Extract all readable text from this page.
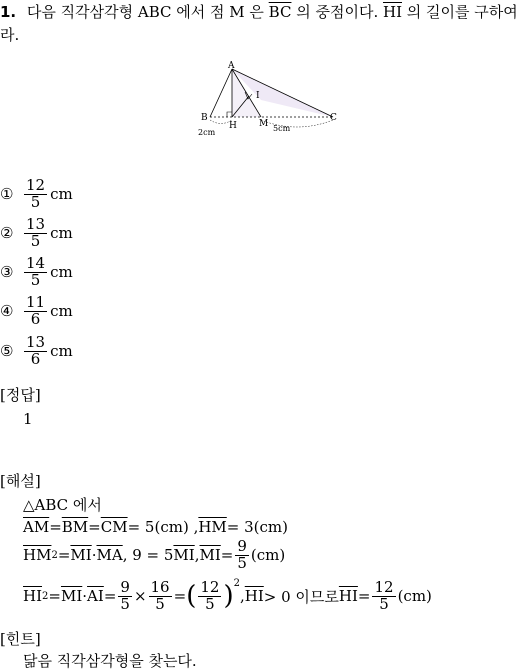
1. 다음 직각삼각형 ABC 에서 점 M 은 $\overline{BC}$ 의 중점이다. $\overline{HI}$ 의 길이를 구하여
라.
A
B	C
H M
I
2cm	5cm
① $\frac{12}{5}$ cm
② $\frac{13}{5}$ cm
③ $\frac{14}{5}$ cm
④ $\frac{11}{6}$ cm
⑤ $\frac{13}{6}$ cm
[정답]
1
[해설]
△ABC 에서
$\overline{AM} = \overline{BM} = \overline{CM} = 5(cm)$ , $\overline{HM} = 3(cm)$
$\overline{HM}$ $2 = \overline{MI} \cdot \overline{MA}$ , 9 = 5 $\overline{MI}$ , $\overline{MI} = \frac{9}{5} (cm)$
$\overline{HI}$ $2 = \overline{MI} \cdot \overline{AI} = \frac{9}{5} \times \frac{16}{5}$ = ( $\frac{12}{5} )^2$
, $\overline{HI} > 0$ 이므로 $\overline{HI} = \frac{12}{5} (cm)$
[힌트]
닮음 직각삼각형을 찾는다.
